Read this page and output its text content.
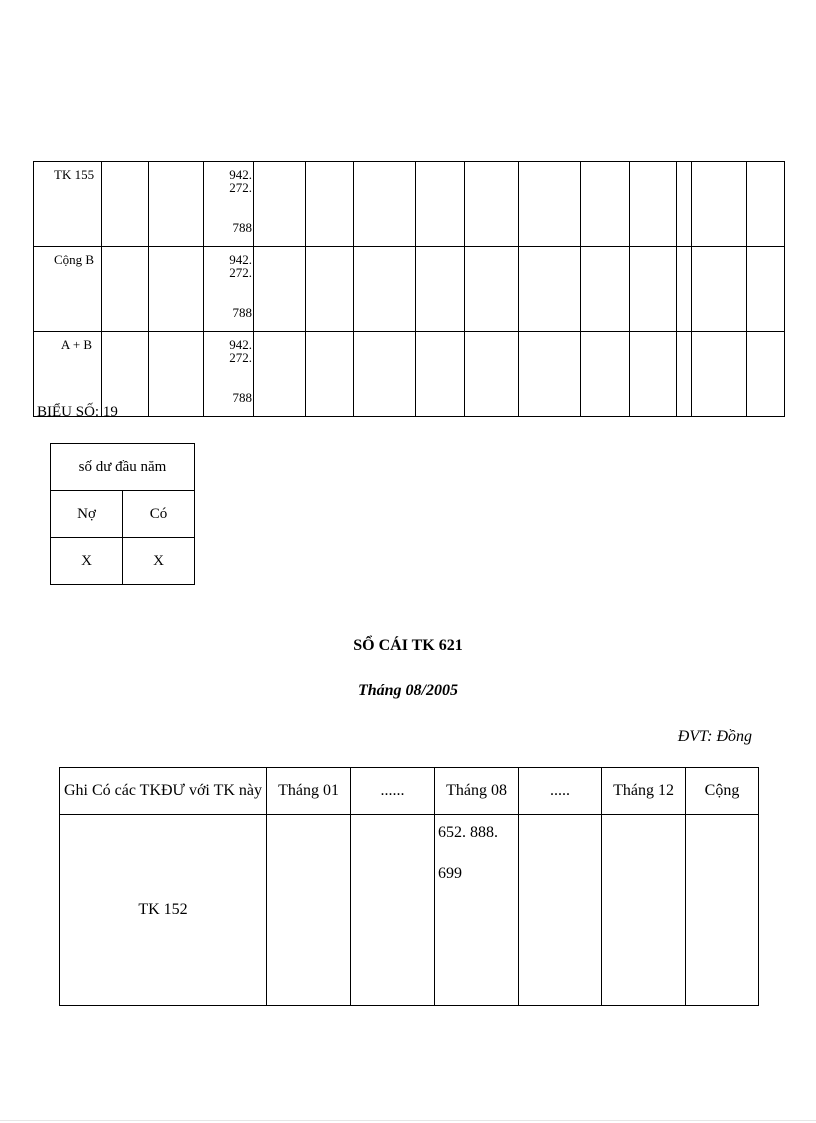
TK 155			942. 272.
788											

Cộng B			942. 272.
788											

A + B			942. 272.
788											

BIỂU SỐ: 19
số dư đầu năm	
Nợ	Có
X	X
SỔ CÁI TK 621
Tháng 08/2005
ĐVT: Đồng
Ghi Có các TKĐƯ với TK này	Tháng 01	......	Tháng 08	.....	Tháng 12	Cộng
TK 152			652. 888.
699			
